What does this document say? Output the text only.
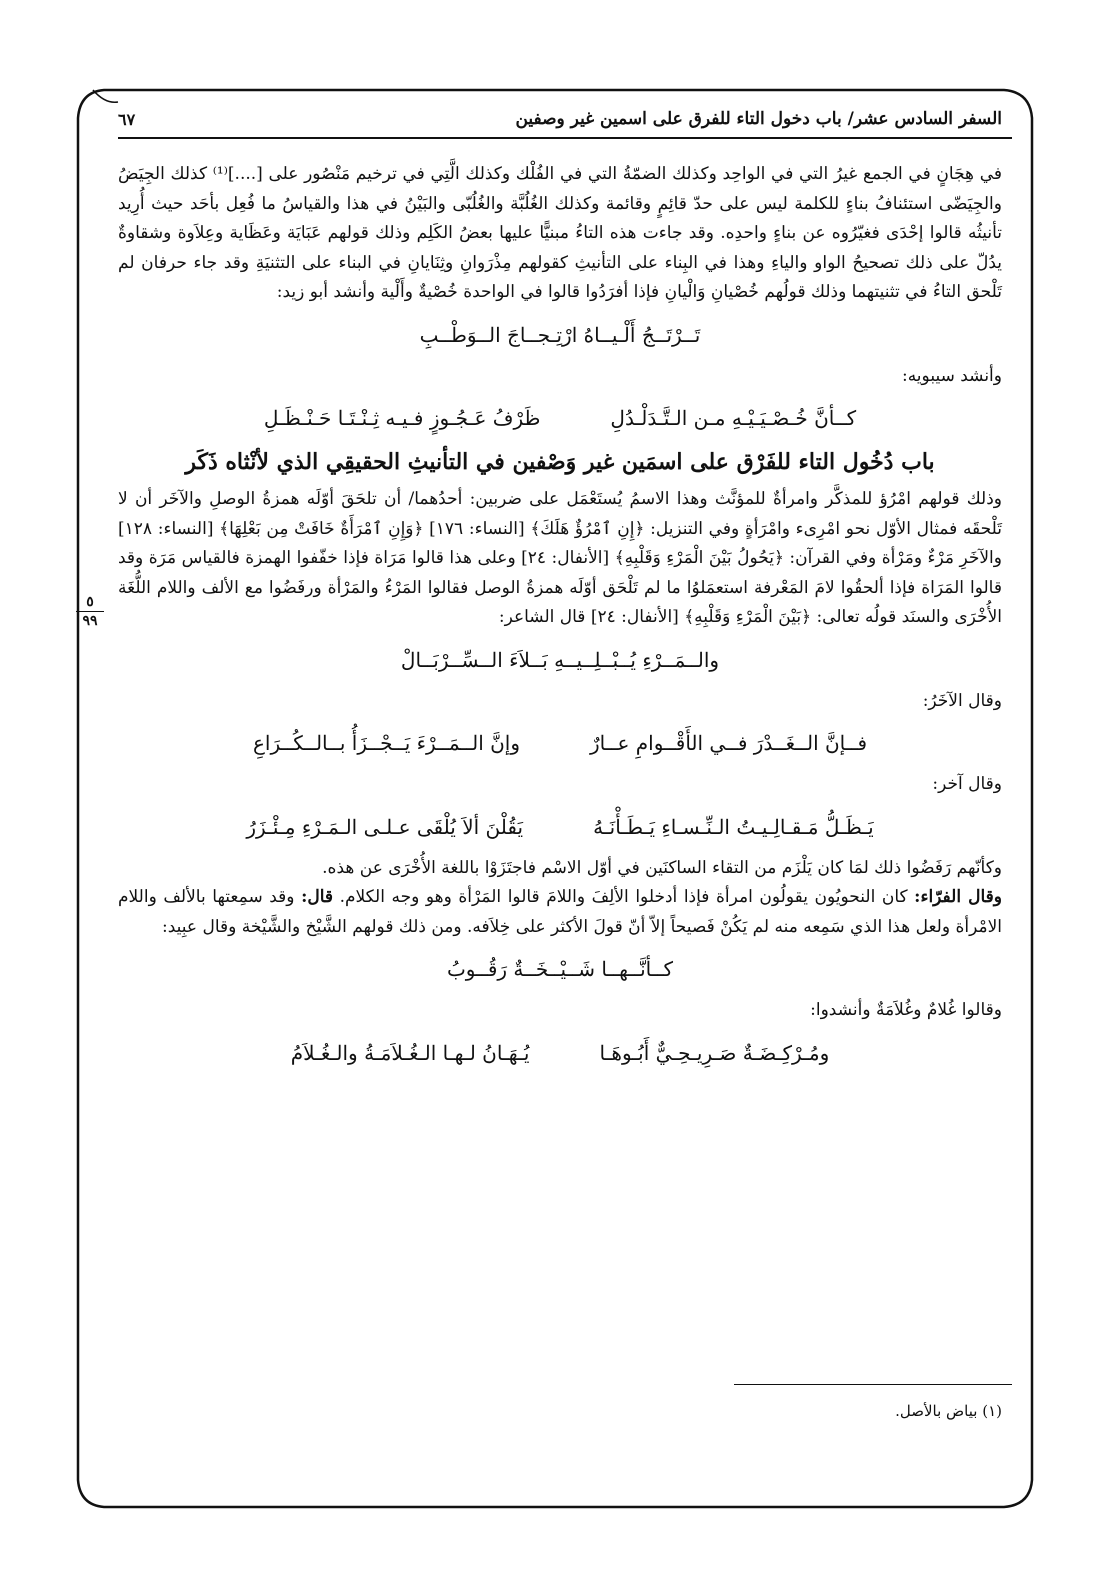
السفر السادس عشر/ باب دخول التاء للفرق على اسمين غير وصفين
٦٧

في هِجَانٍ في الجمع غيرُ التي في الواحِد وكذلك الضمّةُ التي في الفُلْك وكذلك الَّتِي في ترخيم مَنْصُور على [....]⁽¹⁾ كذلك الجِيَضُ والجِيَضّى استئنافُ بناءٍ للكلمة ليس على حدّ قائِمٍ وقائمة وكذلك الغُلُبَّة والغُلُبّى والبَيْنُ في هذا والقياسُ ما فُعِل بأحَد حيث أُرِيد تأنيثُه قالوا إحْدَى فغيّرُوه عن بناءٍ واحدِه. وقد جاءت هذه التاءُ مبنيًّا عليها بعضُ الكَلِم وذلك قولهم عَبَايَة وعَظَاية وعِلاَوة وشقاوةٌ يدُلّ على ذلك تصحيحُ الواو والياءِ وهذا في البِناء على التأنيثِ كقولهم مِذْرَوانِ وثِنَايانِ في البناء على التثنيَةِ وقد جاء حرفان لم تَلْحق التاءُ في تثنيتهما وذلك قولُهم خُصْيانِ وَالْيانِ فإذا أفرَدُوا قالوا في الواحدة خُصْيةٌ وأَلْية وأنشد أبو زيد:

تَــرْتَــجُ أَلْـيــاهُ ارْتِـجــاجَ الــوَطْــبِ

وأنشد سيبويه:

كــأنَّ خُـصْـيَـيْـهِ مـن الـتَّـدَلْـدُلِ
ظَرْفُ عَـجُـوزٍ فـيـه ثِـنْـتَـا حَـنْـظَـلِ
باب دُخُول التاء للفَرْق على اسمَين غير وَصْفين في التأنيثِ الحقيقِي الذي لأنْثاه ذَكَر

وذلك قولهم امْرُؤ للمذكَّر وامرأةٌ للمؤنَّث وهذا الاسمُ يُستَعْمَل على ضربين: أحدُهما/ أن تلحَقَ أوّلَه همزةُ الوصلِ والآخَر أن لا تَلْحقَه فمثال الأوّل نحو امْرِىء وامْرَأةٍ وفي التنزيل: ﴿إِنِ ٱمْرُؤٌ هَلَكَ﴾ [النساء: ١٧٦] ﴿وَإِنِ ٱمْرَأَةٌ خَافَتْ مِن بَعْلِهَا﴾ [النساء: ١٢٨] والآخَرِ مَرْءٌ ومَرْأة وفي القرآن: ﴿يَحُولُ بَيْنَ الْمَرْءِ وَقَلْبِهِ﴾ [الأنفال: ٢٤] وعلى هذا قالوا مَرَاة فإذا خفّفوا الهمزة فالقياس مَرَة وقد قالوا المَرَاة فإذا ألحقُوا لامَ المَعْرفة استعمَلوُا ما لم تَلْحَق أوّلَه همزةُ الوصل فقالوا المَرْءُ والمَرْأة ورفَضُوا مع الألف واللام اللُّغَة الأُخْرَى والسنَد قولُه تعالى: ﴿بَيْنَ الْمَرْءِ وَقَلْبِهِ﴾ [الأنفال: ٢٤] قال الشاعر:

والــمَــرْءِ يُــبْــلِــيــهِ بَــلاَءَ الــسِّــرْبَــالْ

وقال الآخَرُ:

فــإنَّ الــغَــدْرَ فــي الأَقْــوامِ عــارٌ
وإنَّ الــمَــرْءَ يَــجْــزَأُ بــالــكُــرَاعِ

وقال آخر:

يَـظَـلُّ مَـقـالِـيـتُ الـنِّـسـاءِ يَـطَـأْنَـهُ
يَقُلْنَ ألاَ يُلْقَى عـلـى الـمَـرْءِ مِـئْـزَرُ

وكأنّهم رَفَضُوا ذلك لمَا كان يَلْزَم من التقاء الساكنَين في أوّل الاسْم فاجتَزَوْا باللغة الأُخْرَى عن هذه.

وقال الفرّاء: كان النحويُون يقولُون امرأة فإذا أدخلوا الألِفَ واللامَ قالوا المَرْأة وهو وجه الكلام. قال: وقد سمِعتها بالألف واللام الامْرأة ولعل هذا الذي سَمِعه منه لم يَكُنْ فَصيحاً إلاّ أنّ قولَ الأكثر على خِلاَفه. ومن ذلك قولهم الشَّيْخ والشَّيْخة وقال عبِيد:

كــأنَّــهــا شَــيْــخَــةٌ رَقُــوبُ

وقالوا غُلامٌ وغُلاَمَةٌ وأنشدوا:

ومُـرْكِـضَـةٌ صَـرِيـحِـيٌّ أَبُـوهَـا
يُـهَـانُ لـهـا الـغُـلاَمَـةُ والـغُـلاَمُ
٥
٩٩
(١) بياض بالأصل.
